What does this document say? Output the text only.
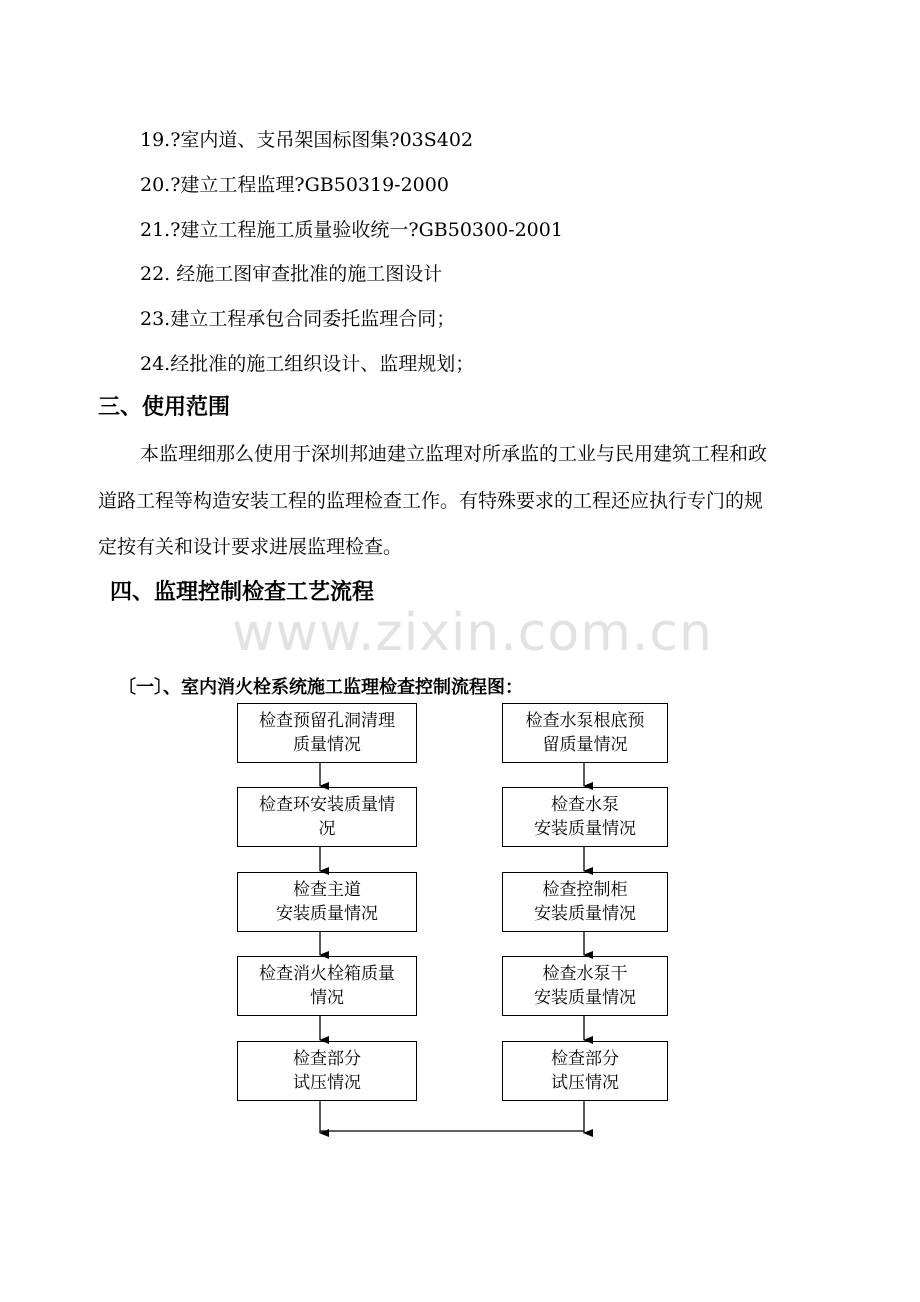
19.?室内道、支吊架国标图集?03S402
20.?建立工程监理?GB50319-2000
21.?建立工程施工质量验收统一?GB50300-2001
22. 经施工图审查批准的施工图设计
23.建立工程承包合同委托监理合同；
24.经批准的施工组织设计、监理规划；
三、使用范围
本监理细那么使用于深圳邦迪建立监理对所承监的工业与民用建筑工程和政
道路工程等构造安装工程的监理检查工作。有特殊要求的工程还应执行专门的规
定按有关和设计要求进展监理检查。
四、监理控制检查工艺流程
www.zixin.com.cn
〔一〕、室内消火栓系统施工监理检查控制流程图：
检查预留孔洞清理
质量情况
检查环安装质量情
况
检查主道
安装质量情况
检查消火栓箱质量
情况
检查部分
试压情况
检查水泵根底预
留质量情况
检查水泵
安装质量情况
检查控制柜
安装质量情况
检查水泵干
安装质量情况
检查部分
试压情况
